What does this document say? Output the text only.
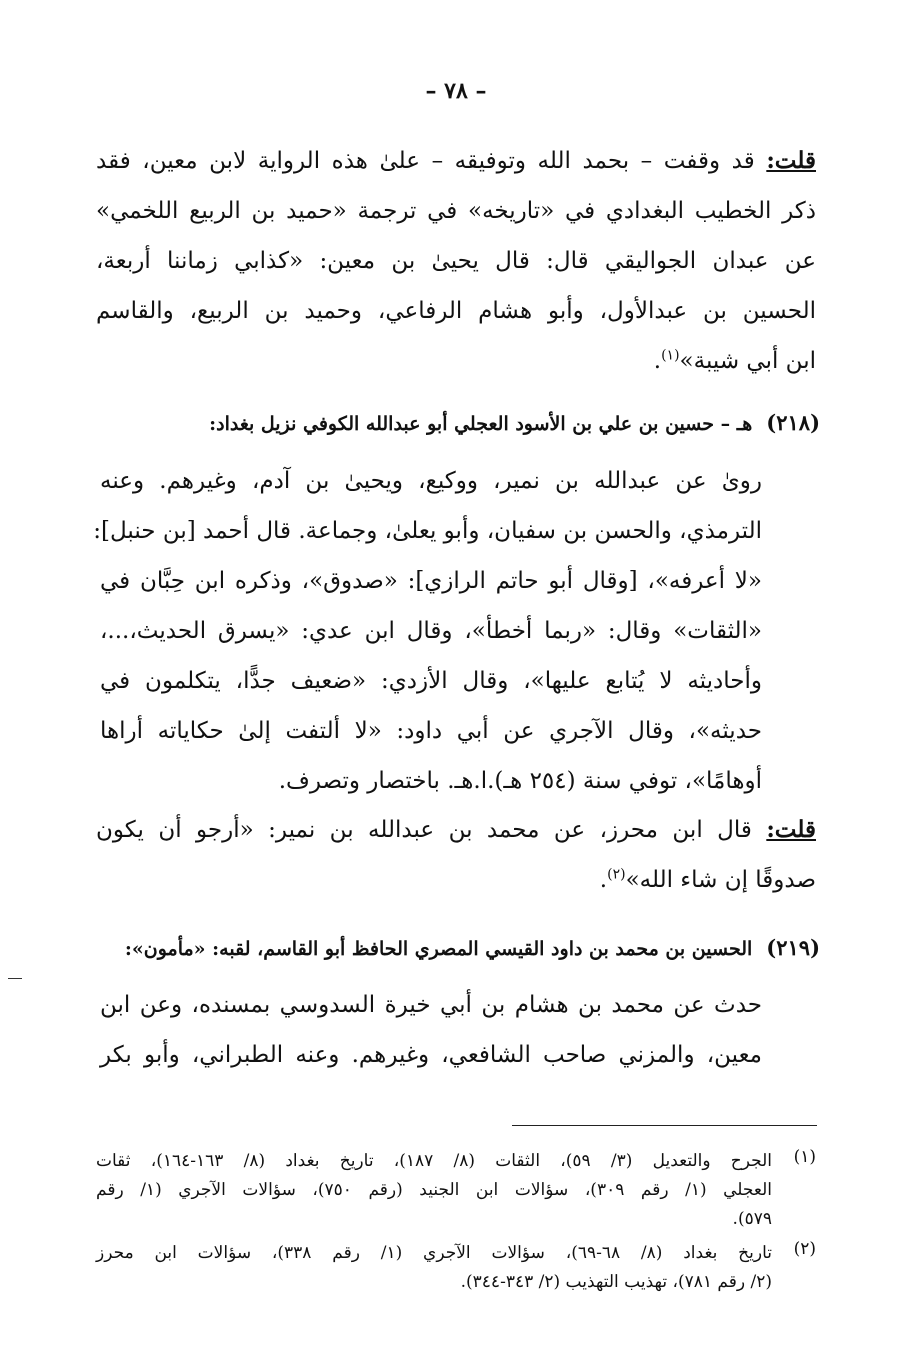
– ٧٨ –
قلت: قد وقفت – بحمد الله وتوفيقه – علىٰ هذه الرواية لابن معين، فقد
ذكر الخطيب البغدادي في «تاريخه» في ترجمة «حميد بن الربيع اللخمي»
عن عبدان الجواليقي قال: قال يحيىٰ بن معين: «كذابي زماننا أربعة،
الحسين بن عبدالأول، وأبو هشام الرفاعي، وحميد بن الربيع، والقاسم
ابن أبي شيبة»$^{(١)}$.
(٢١٨)هـ – حسين بن علي بن الأسود العجلي أبو عبدالله الكوفي نزيل بغداد:
روىٰ عن عبدالله بن نمير، ووكيع، ويحيىٰ بن آدم، وغيرهم. وعنه
الترمذي، والحسن بن سفيان، وأبو يعلىٰ، وجماعة. قال أحمد [بن حنبل]:
«لا أعرفه»، [وقال أبو حاتم الرازي]: «صدوق»، وذكره ابن حِبَّان في
«الثقات» وقال: «ربما أخطأ»، وقال ابن عدي: «يسرق الحديث،...،
وأحاديثه لا يُتابع عليها»، وقال الأزدي: «ضعيف جدًّا، يتكلمون في
حديثه»، وقال الآجري عن أبي داود: «لا ألتفت إلىٰ حكاياته أراها
أوهامًا»، توفي سنة (٢٥٤ هـ).ا.هـ. باختصار وتصرف.
قلت: قال ابن محرز، عن محمد بن عبدالله بن نمير: «أرجو أن يكون
صدوقًا إن شاء الله»$^{(٢)}$.
(٢١٩)الحسين بن محمد بن داود القيسي المصري الحافظ أبو القاسم، لقبه: «مأمون»:
حدث عن محمد بن هشام بن أبي خيرة السدوسي بمسنده، وعن ابن
معين، والمزني صاحب الشافعي، وغيرهم. وعنه الطبراني، وأبو بكر
(١)
الجرح والتعديل (٣/ ٥٩)، الثقات (٨/ ١٨٧)، تاريخ بغداد (٨/ ١٦٣-١٦٤)، ثقات
العجلي (١/ رقم ٣٠٩)، سؤالات ابن الجنيد (رقم ٧٥٠)، سؤالات الآجري (١/ رقم
٥٧٩).
(٢)
تاريخ بغداد (٨/ ٦٨-٦٩)، سؤالات الآجري (١/ رقم ٣٣٨)، سؤالات ابن محرز
(٢/ رقم ٧٨١)، تهذيب التهذيب (٢/ ٣٤٣-٣٤٤).
